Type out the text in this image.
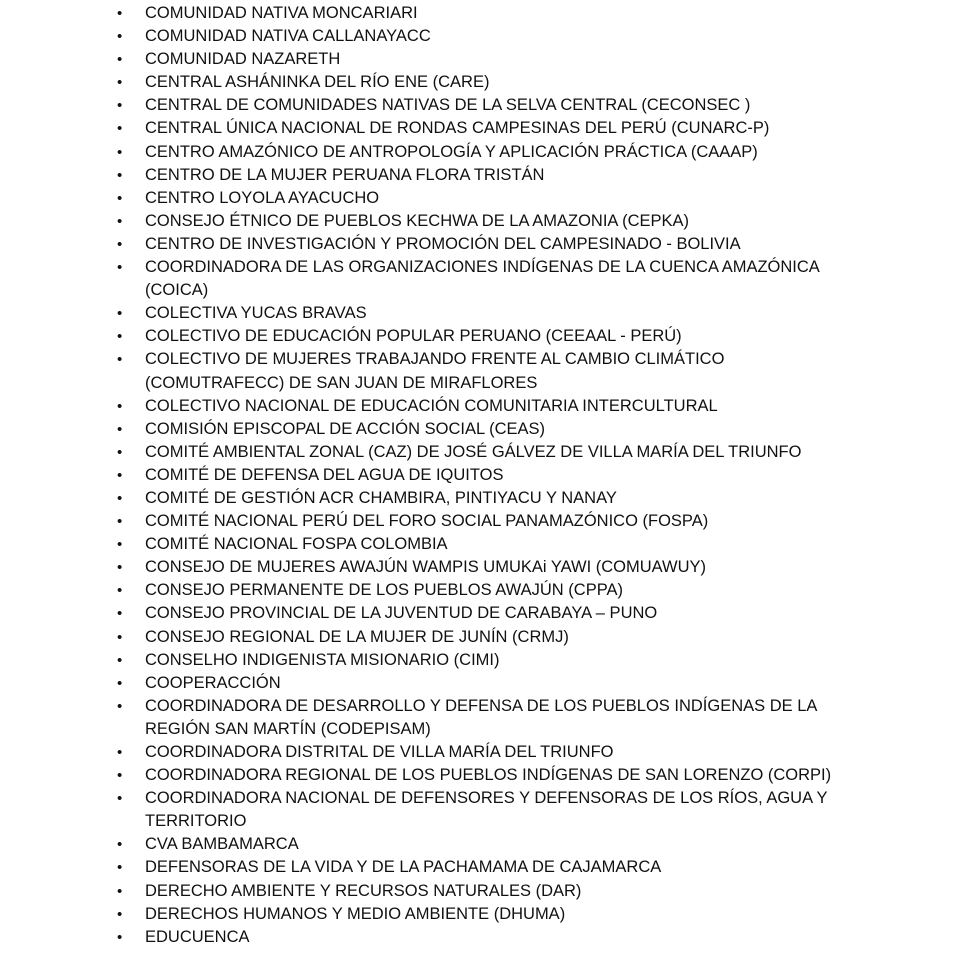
• COMUNIDAD NATIVA MONCARIARI
• COMUNIDAD NATIVA CALLANAYACC
• COMUNIDAD NAZARETH
• CENTRAL ASHÁNINKA DEL RÍO ENE (CARE)
• CENTRAL DE COMUNIDADES NATIVAS DE LA SELVA CENTRAL (CECONSEC )
• CENTRAL ÚNICA NACIONAL DE RONDAS CAMPESINAS DEL PERÚ (CUNARC-P)
• CENTRO AMAZÓNICO DE ANTROPOLOGÍA Y APLICACIÓN PRÁCTICA (CAAAP)
• CENTRO DE LA MUJER PERUANA FLORA TRISTÁN
• CENTRO LOYOLA AYACUCHO
• CONSEJO ÉTNICO DE PUEBLOS KECHWA DE LA AMAZONIA (CEPKA)
• CENTRO DE INVESTIGACIÓN Y PROMOCIÓN DEL CAMPESINADO - BOLIVIA
• COORDINADORA DE LAS ORGANIZACIONES INDÍGENAS DE LA CUENCA AMAZÓNICA (COICA)
• COLECTIVA YUCAS BRAVAS
• COLECTIVO DE EDUCACIÓN POPULAR PERUANO (CEEAAL - PERÚ)
• COLECTIVO DE MUJERES TRABAJANDO FRENTE AL CAMBIO CLIMÁTICO (COMUTRAFECC) DE SAN JUAN DE MIRAFLORES
• COLECTIVO NACIONAL DE EDUCACIÓN COMUNITARIA INTERCULTURAL
• COMISIÓN EPISCOPAL DE ACCIÓN SOCIAL (CEAS)
• COMITÉ AMBIENTAL ZONAL (CAZ) DE JOSÉ GÁLVEZ DE VILLA MARÍA DEL TRIUNFO
• COMITÉ DE DEFENSA DEL AGUA DE IQUITOS
• COMITÉ DE GESTIÓN ACR CHAMBIRA, PINTIYACU Y NANAY
• COMITÉ NACIONAL PERÚ DEL FORO SOCIAL PANAMAZÓNICO (FOSPA)
• COMITÉ NACIONAL FOSPA COLOMBIA
• CONSEJO DE MUJERES AWAJÚN WAMPIS UMUKAi YAWI (COMUAWUY)
• CONSEJO PERMANENTE DE LOS PUEBLOS AWAJÚN (CPPA)
• CONSEJO PROVINCIAL DE LA JUVENTUD DE CARABAYA – PUNO
• CONSEJO REGIONAL DE LA MUJER DE JUNÍN (CRMJ)
• CONSELHO INDIGENISTA MISIONARIO (CIMI)
• COOPERACCIÓN
• COORDINADORA DE DESARROLLO Y DEFENSA DE LOS PUEBLOS INDÍGENAS DE LA REGIÓN SAN MARTÍN (CODEPISAM)
• COORDINADORA DISTRITAL DE VILLA MARÍA DEL TRIUNFO
• COORDINADORA REGIONAL DE LOS PUEBLOS INDÍGENAS DE SAN LORENZO (CORPI)
• COORDINADORA NACIONAL DE DEFENSORES Y DEFENSORAS DE LOS RÍOS, AGUA Y TERRITORIO
• CVA BAMBAMARCA
• DEFENSORAS DE LA VIDA Y DE LA PACHAMAMA DE CAJAMARCA
• DERECHO AMBIENTE Y RECURSOS NATURALES (DAR)
• DERECHOS HUMANOS Y MEDIO AMBIENTE (DHUMA)
• EDUCUENCA
